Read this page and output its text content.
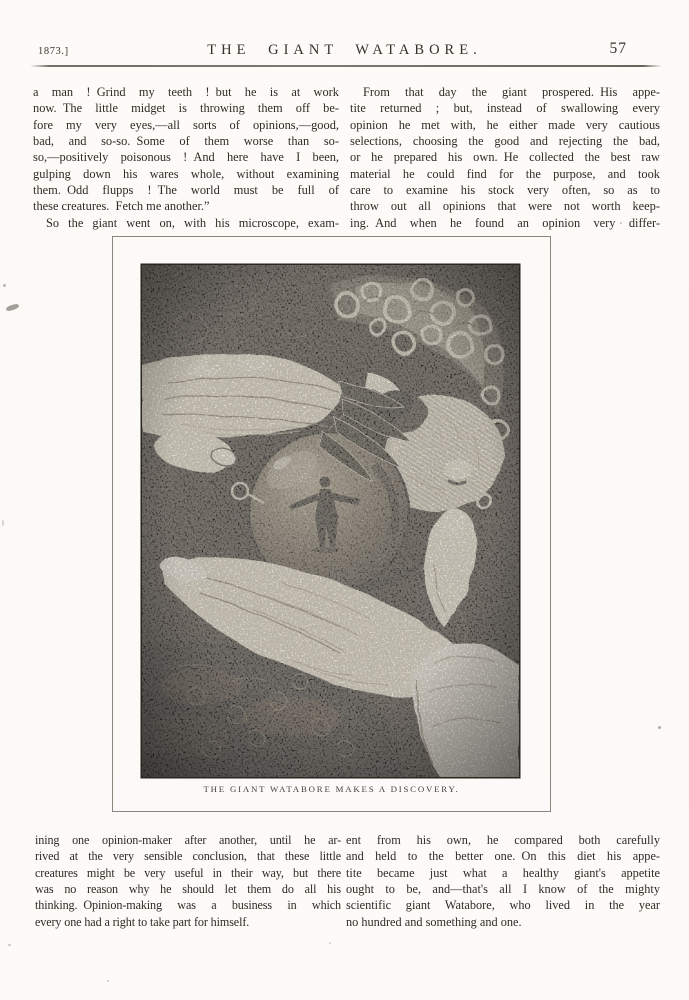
1873.]	THE GIANT WATABORE.	57
a man ! Grind my teeth ! but he is at work
now. The little midget is throwing them off be-
fore my very eyes,—all sorts of opinions,—good,
bad, and so-so. Some of them worse than so-
so,—positively poisonous ! And here have I been,
gulping down his wares whole, without examining
them. Odd flupps ! The world must be full of
these creatures. Fetch me another.”
So the giant went on, with his microscope, exam-
From that day the giant prospered. His appe-
tite returned ; but, instead of swallowing every
opinion he met with, he either made very cautious
selections, choosing the good and rejecting the bad,
or he prepared his own. He collected the best raw
material he could find for the purpose, and took
care to examine his stock very often, so as to
throw out all opinions that were not worth keep-
ing. And when he found an opinion very differ-
THE GIANT WATABORE MAKES A DISCOVERY.
ining one opinion-maker after another, until he ar-
rived at the very sensible conclusion, that these little
creatures might be very useful in their way, but there
was no reason why he should let them do all his
thinking. Opinion-making was a business in which
every one had a right to take part for himself.
ent from his own, he compared both carefully
and held to the better one. On this diet his appe-
tite became just what a healthy giant's appetite
ought to be, and—that's all I know of the mighty
scientific giant Watabore, who lived in the year
no hundred and something and one.
